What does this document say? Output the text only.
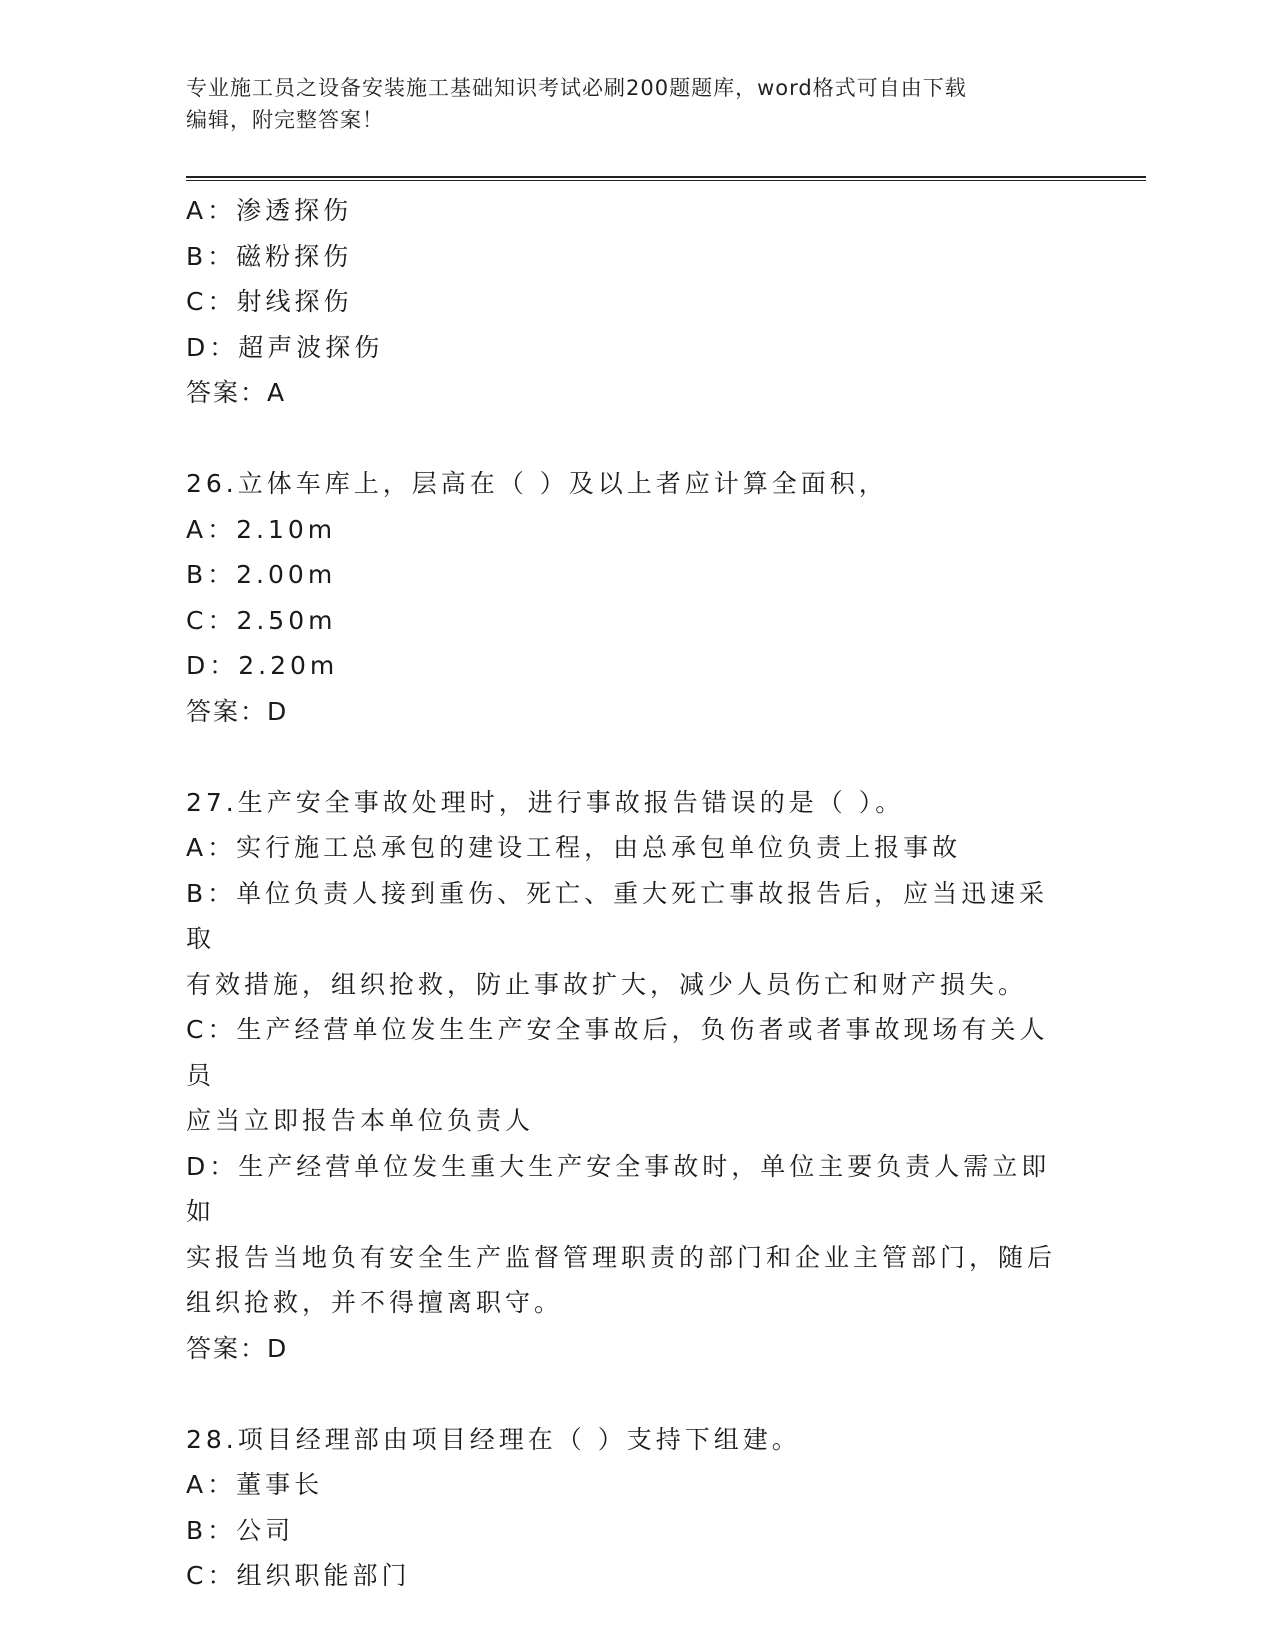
专业施工员之设备安装施工基础知识考试必刷200题题库，word格式可自由下载
编辑，附完整答案！
A：渗透探伤
B：磁粉探伤
C：射线探伤
D：超声波探伤
答案：A
26.立体车库上，层高在（ ）及以上者应计算全面积，
A：2.10m
B：2.00m
C：2.50m
D：2.20m
答案：D
27.生产安全事故处理时，进行事故报告错误的是（ ）。
A：实行施工总承包的建设工程，由总承包单位负责上报事故
B：单位负责人接到重伤、死亡、重大死亡事故报告后，应当迅速采取
有效措施，组织抢救，防止事故扩大，减少人员伤亡和财产损失。
C：生产经营单位发生生产安全事故后，负伤者或者事故现场有关人员
应当立即报告本单位负责人
D：生产经营单位发生重大生产安全事故时，单位主要负责人需立即如
实报告当地负有安全生产监督管理职责的部门和企业主管部门，随后
组织抢救，并不得擅离职守。
答案：D
28.项目经理部由项目经理在（ ）支持下组建。
A：董事长
B：公司
C：组织职能部门
